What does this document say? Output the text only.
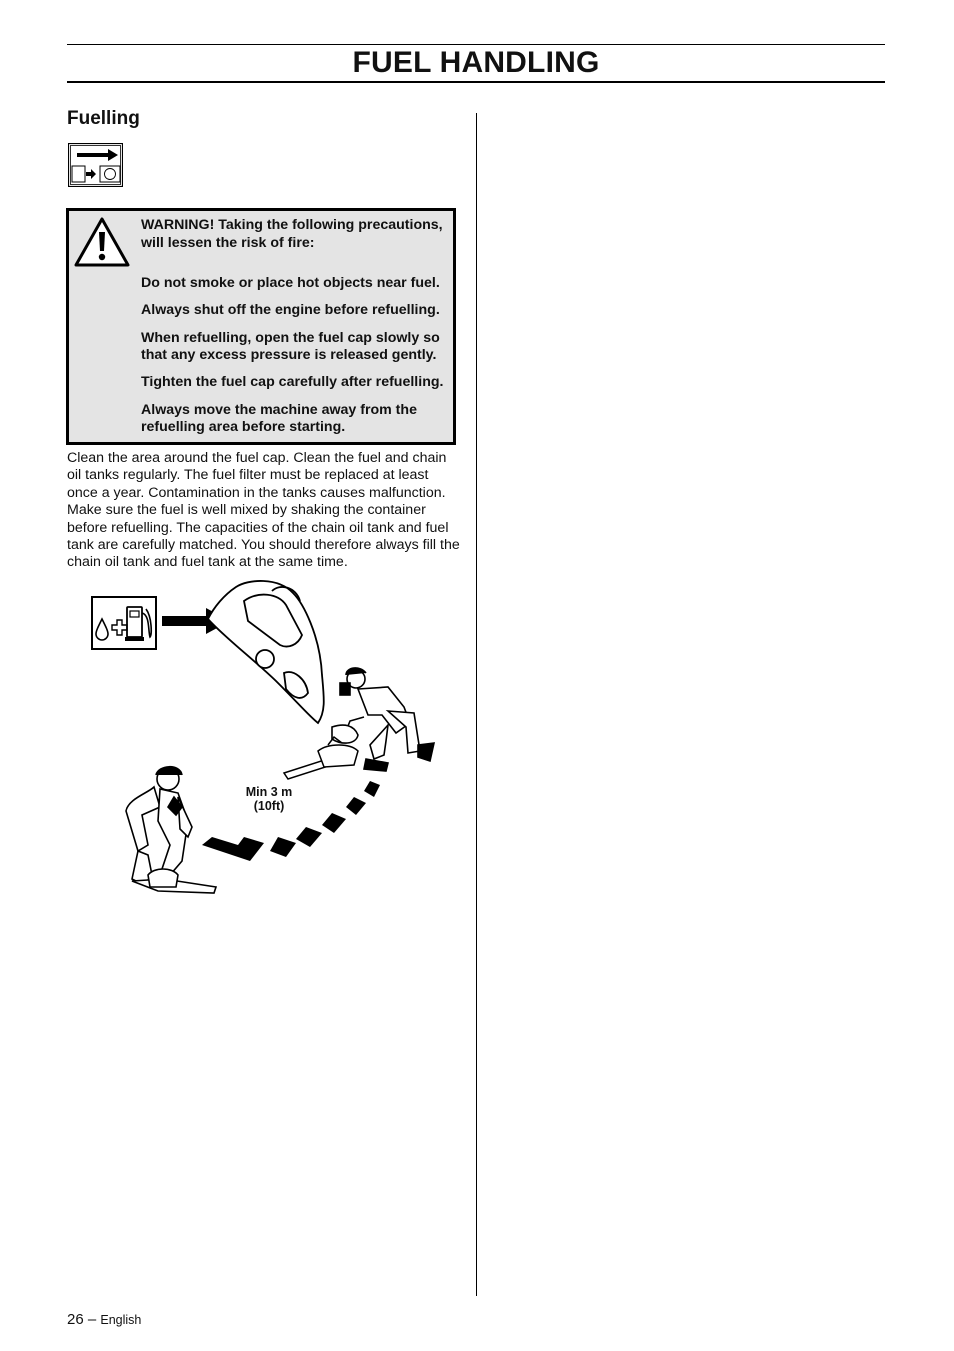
FUEL HANDLING
Fuelling

WARNING! Taking the following precautions, will lessen the risk of fire:

Do not smoke or place hot objects near fuel.

Always shut off the engine before refuelling.

When refuelling, open the fuel cap slowly so that any excess pressure is released gently.

Tighten the fuel cap carefully after refuelling.

Always move the machine away from the refuelling area before starting.

Clean the area around the fuel cap. Clean the fuel and chain oil tanks regularly. The fuel filter must be replaced at least once a year. Contamination in the tanks causes malfunction. Make sure the fuel is well mixed by shaking the container before refuelling. The capacities of the chain oil tank and fuel tank are carefully matched. You should therefore always fill the chain oil tank and fuel tank at the same time.

Min 3 m
(10ft)
26 – English
